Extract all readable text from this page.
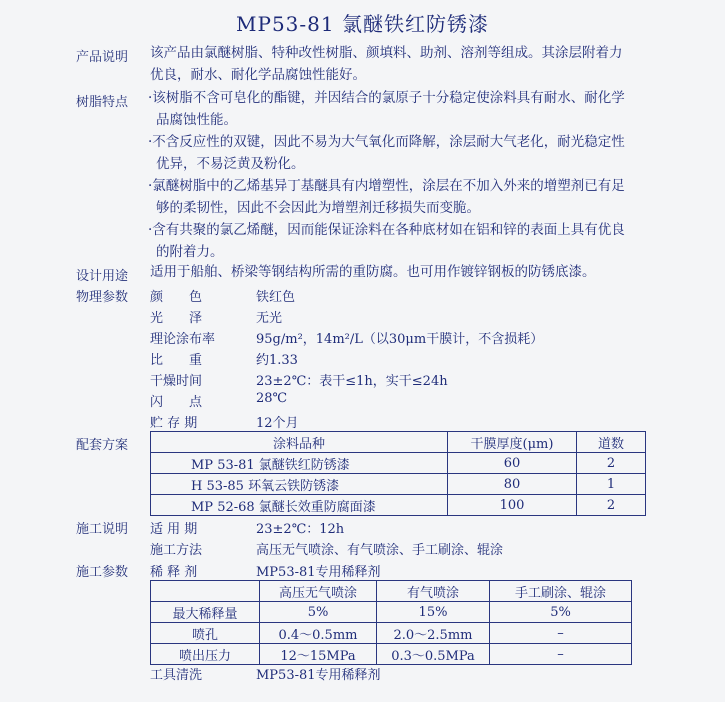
MP53-81 氯醚铁红防锈漆
产品说明	该产品由氯醚树脂、特种改性树脂、颜填料、助剂、溶剂等组成。其涂层附着力
优良，耐水、耐化学品腐蚀性能好。
树脂特点	·该树脂不含可皂化的酯键，并因结合的氯原子十分稳定使涂料具有耐水、耐化学
品腐蚀性能。
·不含反应性的双键，因此不易为大气氧化而降解，涂层耐大气老化，耐光稳定性
优异，不易泛黄及粉化。
·氯醚树脂中的乙烯基异丁基醚具有内增塑性，涂层在不加入外来的增塑剂已有足
够的柔韧性，因此不会因此为增塑剂迁移损失而变脆。
·含有共聚的氯乙烯醚，因而能保证涂料在各种底材如在铝和锌的表面上具有优良
的附着力。
设计用途	适用于船舶、桥梁等钢结构所需的重防腐。也可用作镀锌钢板的防锈底漆。
物理参数	颜　　色	铁红色
光　　泽	无光
理论涂布率	95g/m²，14m²/L（以30μm干膜计，不含损耗）
比　　重	约1.33
干燥时间	23±2℃：表干≤1h，实干≤24h
闪　　点	28℃
贮 存 期	12个月
配套方案	涂料品种	干膜厚度(μm)	道数
MP 53-81 氯醚铁红防锈漆	60	2
H 53-85 环氧云铁防锈漆	80	1
MP 52-68 氯醚长效重防腐面漆	100	2
施工说明	适 用 期	23±2℃：12h
施工方法	高压无气喷涂、有气喷涂、手工刷涂、辊涂
施工参数	稀 释 剂	MP53-81专用稀释剂
	高压无气喷涂	有气喷涂	手工刷涂、辊涂
最大稀释量	5%	15%	5%
喷孔	0.4～0.5mm	2.0～2.5mm	–
喷出压力	12～15MPa	0.3～0.5MPa	–
工具清洗	MP53-81专用稀释剂
